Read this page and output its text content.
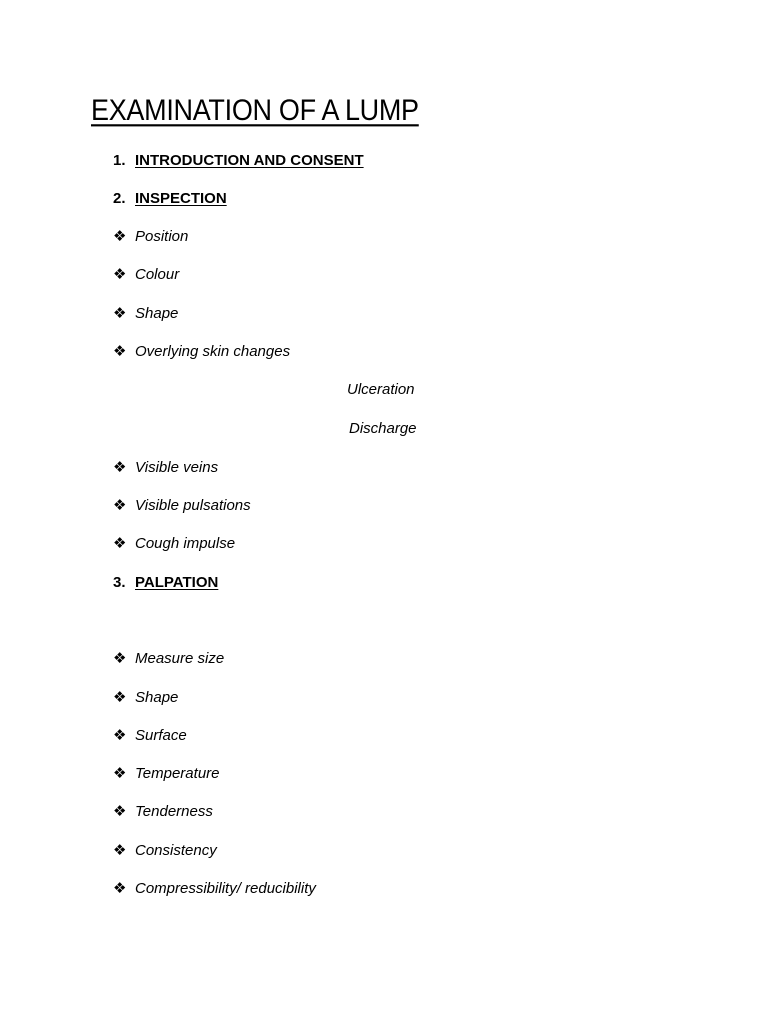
EXAMINATION OF A LUMP
1. INTRODUCTION AND CONSENT
2. INSPECTION
❖ Position
❖ Colour
❖ Shape
❖ Overlying skin changes
Ulceration
Discharge
❖ Visible veins
❖ Visible pulsations
❖ Cough impulse
3. PALPATION
❖ Measure size
❖ Shape
❖ Surface
❖ Temperature
❖ Tenderness
❖ Consistency
❖ Compressibility/ reducibility
